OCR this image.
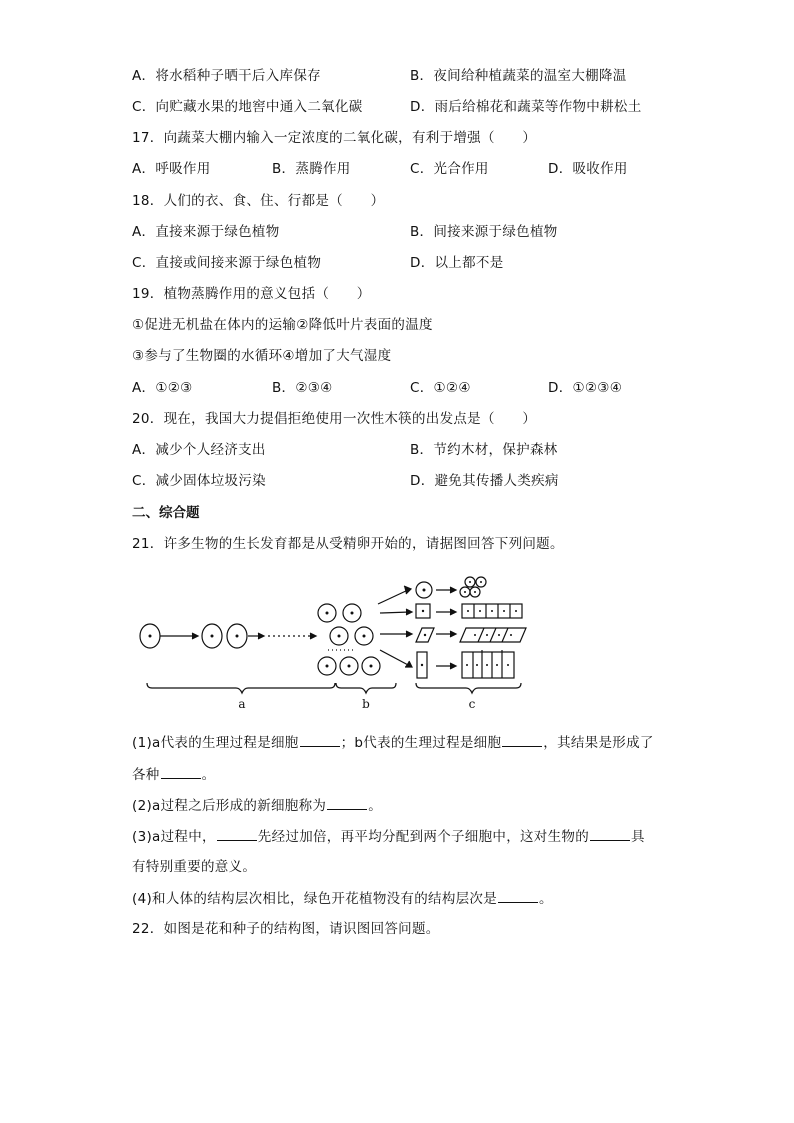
A．将水稻种子晒干后入库保存	B．夜间给种植蔬菜的温室大棚降温
C．向贮藏水果的地窖中通入二氧化碳	D．雨后给棉花和蔬菜等作物中耕松土
17．向蔬菜大棚内输入一定浓度的二氧化碳，有利于增强（　　）
A．呼吸作用	B．蒸腾作用	C．光合作用	D．吸收作用
18．人们的衣、食、住、行都是（　　）
A．直接来源于绿色植物	B．间接来源于绿色植物
C．直接或间接来源于绿色植物	D．以上都不是
19．植物蒸腾作用的意义包括（　　）
①促进无机盐在体内的运输②降低叶片表面的温度
③参与了生物圈的水循环④增加了大气湿度
A．①②③	B．②③④	C．①②④	D．①②③④
20．现在，我国大力提倡拒绝使用一次性木筷的出发点是（　　）
A．减少个人经济支出	B．节约木材，保护森林
C．减少固体垃圾污染	D．避免其传播人类疾病
二、综合题
21．许多生物的生长发育都是从受精卵开始的，请据图回答下列问题。
a	b	c
(1)a代表的生理过程是细胞	；b代表的生理过程是细胞	，其结果是形成了
各种	。
(2)a过程之后形成的新细胞称为	。
(3)a过程中，	先经过加倍，再平均分配到两个子细胞中，这对生物的	具
有特别重要的意义。
(4)和人体的结构层次相比，绿色开花植物没有的结构层次是	。
22．如图是花和种子的结构图，请识图回答问题。
